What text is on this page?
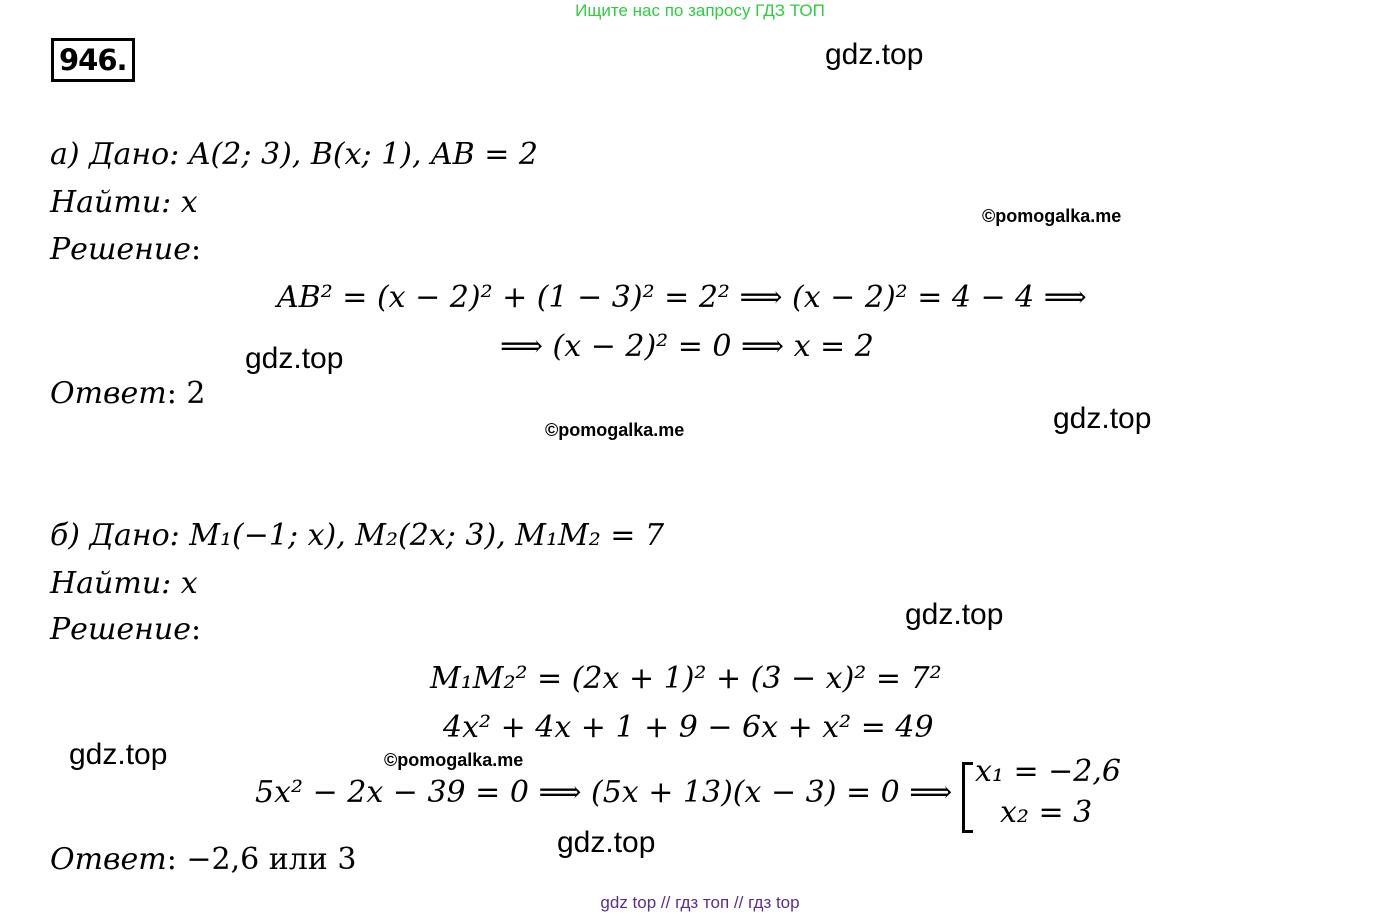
Ищите нас по запросу ГДЗ ТОП
946.	gdz.top
©pomogalka.me
gdz.top
©pomogalka.me	gdz.top
gdz.top
gdz.top	©pomogalka.me
gdz.top
а) Дано: A(2; 3), B(x; 1), AB = 2
Найти: x
Решение:
AB² = (x − 2)² + (1 − 3)² = 2² ⟹ (x − 2)² = 4 − 4 ⟹
⟹ (x − 2)² = 0 ⟹ x = 2
Ответ: 2
б) Дано: M₁(−1; x), M₂(2x; 3), M₁M₂ = 7
Найти: x
Решение:
M₁M₂² = (2x + 1)² + (3 − x)² = 7²
4x² + 4x + 1 + 9 − 6x + x² = 49
5x² − 2x − 39 = 0 ⟹ (5x + 13)(x − 3) = 0 ⟹
x₁ = −2,6
x₂ = 3
Ответ: −2,6 или 3
gdz top // гдз топ // гдз top
